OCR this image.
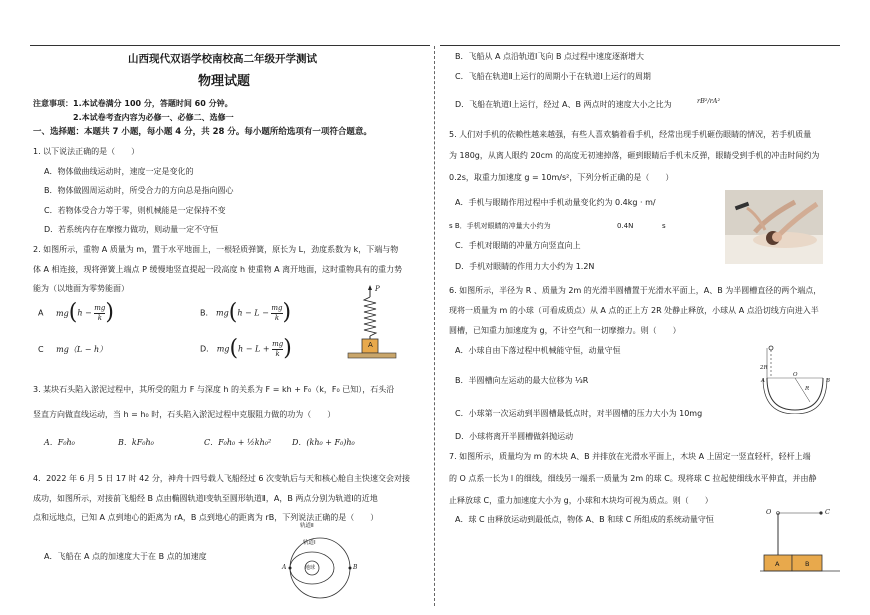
山西现代双语学校南校高二年级开学测试
物理试题
注意事项：1.本试卷满分 100 分，答题时间 60 分钟。
2.本试卷考查内容为必修一、必修二、选修一
一、选择题：本题共 7 小题，每小题 4 分，共 28 分。每小题所给选项有一项符合题意。
1. 以下说法正确的是（　　）
A．物体做曲线运动时，速度一定是变化的
B．物体做圆周运动时，所受合力的方向总是指向圆心
C．若物体受合力等于零，则机械能是一定保持不变
D．若系统内存在摩擦力做功，则动量一定不守恒
2. 如图所示，重物 A 质量为 m，置于水平地面上，一根轻质弹簧，原长为 L，劲度系数为 k，下端与物
体 A 相连接，现将弹簧上端点 P 缓慢地竖直提起一段高度 h 使重物 A 离开地面，这时重物具有的重力势
能为（以地面为零势能面）
A $mg(h - \frac{mg}{k}$ )	B． $mg(h - L - \frac{mg}{k}$ )
C mg（L − h）	D． $mg(h - L + \frac{mg}{k}$ )
P
A
3. 某块石头陷入淤泥过程中，其所受的阻力 F 与深度 h 的关系为 F = kh + F₀（k，F₀ 已知），石头沿
竖直方向做直线运动，当 h = h₀ 时，石头陷入淤泥过程中克服阻力做的功为（　　）
A．F₀h₀	B．kF₀h₀	C．F₀h₀ + ½kh₀²	D．(kh₀ + F₀)h₀
4．2022 年 6 月 5 日 17 时 42 分，神舟十四号载人飞船经过 6 次变轨后与天和核心舱自主快速交会对接
成功，如图所示，对接前飞船经 B 点由椭圆轨道Ⅰ变轨至圆形轨道Ⅱ，A，B 两点分别为轨道Ⅰ的近地
点和远地点，已知 A 点到地心的距离为 rA，B 点到地心的距离为 rB，下列说法正确的是（　　）
A．飞船在 A 点的加速度大于在 B 点的加速度
轨道Ⅱ
轨道Ⅰ
地球
A	B
B．飞船从 A 点沿轨道Ⅰ飞向 B 点过程中速度逐渐增大
C．飞船在轨道Ⅱ上运行的周期小于在轨道Ⅰ上运行的周期
D．飞船在轨道Ⅰ上运行，经过 A、B 两点时的速度大小之比为	rB²/rA²
5. 人们对手机的依赖性越来越强，有些人喜欢躺着看手机，经常出现手机砸伤眼睛的情况，若手机质量
为 180g，从离人眼约 20cm 的高度无初速掉落，砸到眼睛后手机未反弹，眼睛受到手机的冲击时间约为
0.2s，取重力加速度 g = 10m/s²，下列分析正确的是（　　）
A．手机与眼睛作用过程中手机动量变化约为 0.4kg · m/
s B．手机对眼睛的冲量大小约为	0.4N	s
C．手机对眼睛的冲量方向竖直向上
D．手机对眼睛的作用力大小约为 1.2N
6. 如图所示，半径为 R 、质量为 2m 的光滑半圆槽置于光滑水平面上，A、B 为半圆槽直径的两个端点，
现将一质量为 m 的小球（可看成质点）从 A 点的正上方 2R 处静止释放，小球从 A 点沿切线方向进入半
圆槽，已知重力加速度为 g，不计空气和一切摩擦力。则（　　）
A．小球自由下落过程中机械能守恒，动量守恒
B．半圆槽向左运动的最大位移为 ⅓R
C．小球第一次运动到半圆槽最低点时，对半圆槽的压力大小为 10mg
D．小球将离开半圆槽做斜抛运动
2R
A
O
B
R
7. 如图所示，质量均为 m 的木块 A、B 并排放在光滑水平面上，木块 A 上固定一竖直轻杆，轻杆上端
的 O 点系一长为 l 的细线，细线另一端系一质量为 2m 的球 C。现将球 C 拉起使细线水平伸直，并由静
止释放球 C，重力加速度大小为 g，小球和木块均可视为质点。则（　　）
A．球 C 由释放运动到最低点，物体 A、B 和球 C 所组成的系统动量守恒
O	C
A	B
